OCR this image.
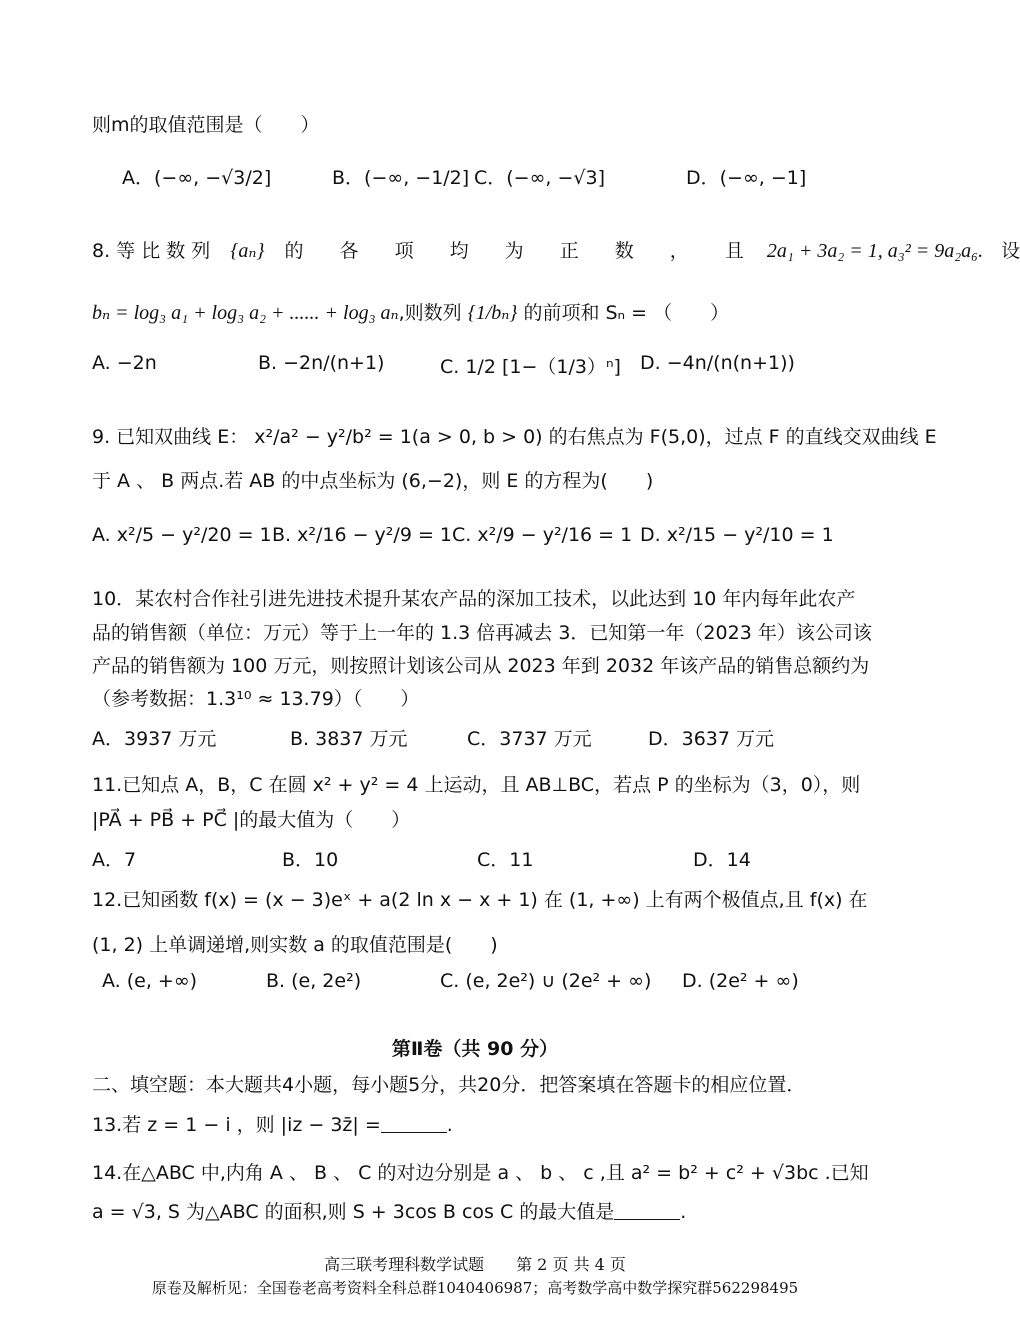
则m的取值范围是（　　）
A．(−∞, −√3/2]	B．(−∞, −1/2] C．(−∞, −√3]	D．(−∞, −1]
8. 等 比 数 列 {aₙ} 的 各 项 均 为 正 数 ， 且 2a₁ + 3a₂ = 1, a₃² = 9a₂a₆. 设
bₙ = log₃ a₁ + log₃ a₂ + ...... + log₃ aₙ,则数列 {1/bₙ} 的前项和 Sₙ = （　　）
A. −2n	B. −2n/(n+1)	C. 1/2 [1−（1/3）ⁿ] D. −4n/(n(n+1))
9. 已知双曲线 E： x²/a² − y²/b² = 1(a > 0, b > 0) 的右焦点为 F(5,0)，过点 F 的直线交双曲线 E
于 A 、 B 两点.若 AB 的中点坐标为 (6,−2)，则 E 的方程为(　　)
A. x²/5 − y²/20 = 1 B. x²/16 − y²/9 = 1 C. x²/9 − y²/16 = 1 D. x²/15 − y²/10 = 1
10．某农村合作社引进先进技术提升某农产品的深加工技术，以此达到 10 年内每年此农产
品的销售额（单位：万元）等于上一年的 1.3 倍再减去 3．已知第一年（2023 年）该公司该
产品的销售额为 100 万元，则按照计划该公司从 2023 年到 2032 年该产品的销售总额约为
（参考数据：1.3¹⁰ ≈ 13.79）（　　）
A．3937 万元	B. 3837 万元	C．3737 万元	D．3637 万元
11.已知点 A，B，C 在圆 x² + y² = 4 上运动，且 AB⊥BC，若点 P 的坐标为（3，0），则
|PA⃗ + PB⃗ + PC⃗ |的最大值为（　　）
A．7	B．10	C．11	D．14
12.已知函数 f(x) = (x − 3)eˣ + a(2 ln x − x + 1) 在 (1, +∞) 上有两个极值点,且 f(x) 在
(1, 2) 上单调递增,则实数 a 的取值范围是(　　)
A. (e, +∞)	B. (e, 2e²)	C. (e, 2e²) ∪ (2e² + ∞) D. (2e² + ∞)
第Ⅱ卷（共 90 分）
二、填空题：本大题共4小题，每小题5分，共20分．把答案填在答题卡的相应位置．
13.若 z = 1 − i ，则 |iz − 3z̄| =	.
14.在△ABC 中,内角 A 、 B 、 C 的对边分别是 a 、 b 、 c ,且 a² = b² + c² + √3bc .已知
a = √3, S 为△ABC 的面积,则 S + 3cos B cos C 的最大值是	.
高三联考理科数学试题　　第 2 页 共 4 页
原卷及解析见：全国卷老高考资料全科总群1040406987；高考数学高中数学探究群562298495
